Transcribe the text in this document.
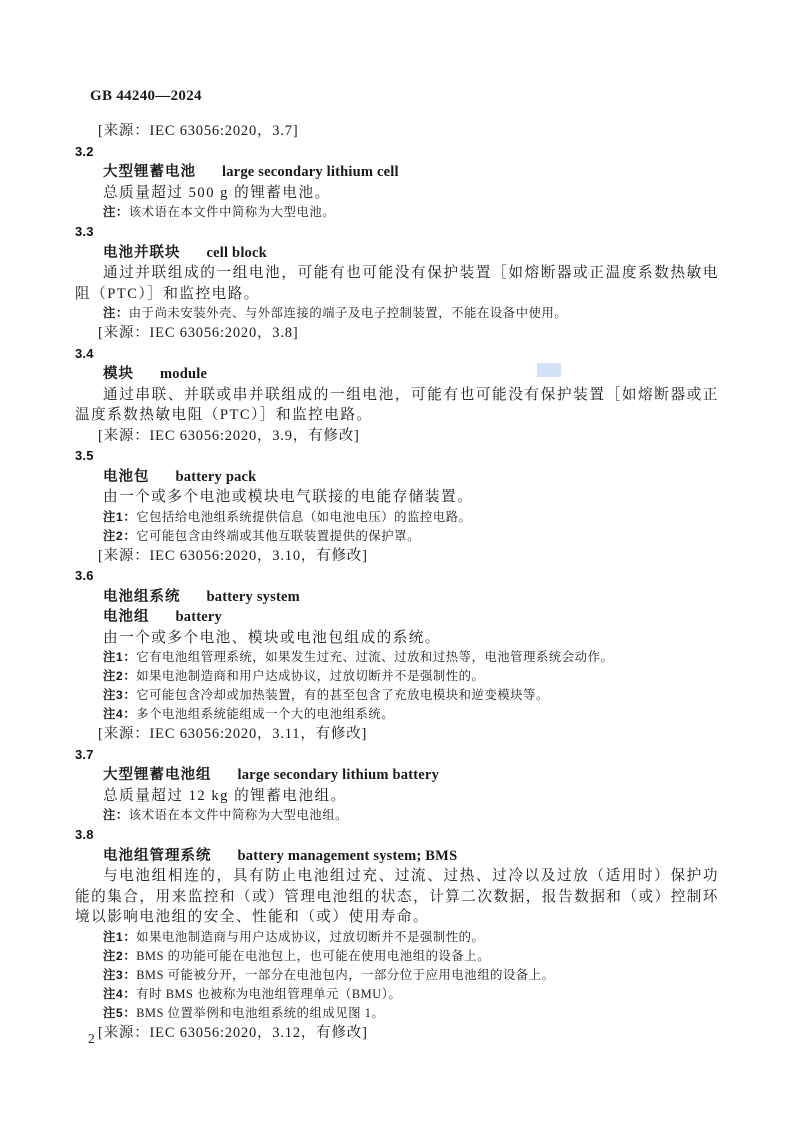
GB 44240—2024
[来源：IEC 63056:2020，3.7]
3.2
大型锂蓄电池 large secondary lithium cell

总质量超过 500 g 的锂蓄电池。

注：该术语在本文件中简称为大型电池。
3.3
电池并联块 cell block

通过并联组成的一组电池，可能有也可能没有保护装置［如熔断器或正温度系数热敏电阻（PTC）］和监控电路。

注：由于尚未安装外壳、与外部连接的端子及电子控制装置，不能在设备中使用。
[来源：IEC 63056:2020，3.8]
3.4
模块 module

通过串联、并联或串并联组成的一组电池，可能有也可能没有保护装置［如熔断器或正温度系数热敏电阻（PTC）］和监控电路。

[来源：IEC 63056:2020，3.9，有修改]
3.5
电池包 battery pack

由一个或多个电池或模块电气联接的电能存储装置。

注1：它包括给电池组系统提供信息（如电池电压）的监控电路。
注2：它可能包含由终端或其他互联装置提供的保护罩。
[来源：IEC 63056:2020，3.10，有修改]
3.6
电池组系统 battery system
电池组 battery

由一个或多个电池、模块或电池包组成的系统。

注1：它有电池组管理系统，如果发生过充、过流、过放和过热等，电池管理系统会动作。
注2：如果电池制造商和用户达成协议，过放切断并不是强制性的。
注3：它可能包含冷却或加热装置，有的甚至包含了充放电模块和逆变模块等。
注4：多个电池组系统能组成一个大的电池组系统。
[来源：IEC 63056:2020，3.11，有修改]
3.7
大型锂蓄电池组 large secondary lithium battery

总质量超过 12 kg 的锂蓄电池组。

注：该术语在本文件中简称为大型电池组。
3.8
电池组管理系统 battery management system; BMS

与电池组相连的，具有防止电池组过充、过流、过热、过冷以及过放（适用时）保护功能的集合，用来监控和（或）管理电池组的状态，计算二次数据，报告数据和（或）控制环境以影响电池组的安全、性能和（或）使用寿命。

注1：如果电池制造商与用户达成协议，过放切断并不是强制性的。
注2：BMS 的功能可能在电池包上，也可能在使用电池组的设备上。
注3：BMS 可能被分开，一部分在电池包内，一部分位于应用电池组的设备上。
注4：有时 BMS 也被称为电池组管理单元（BMU）。
注5：BMS 位置举例和电池组系统的组成见图 1。
[来源：IEC 63056:2020，3.12，有修改]
2
